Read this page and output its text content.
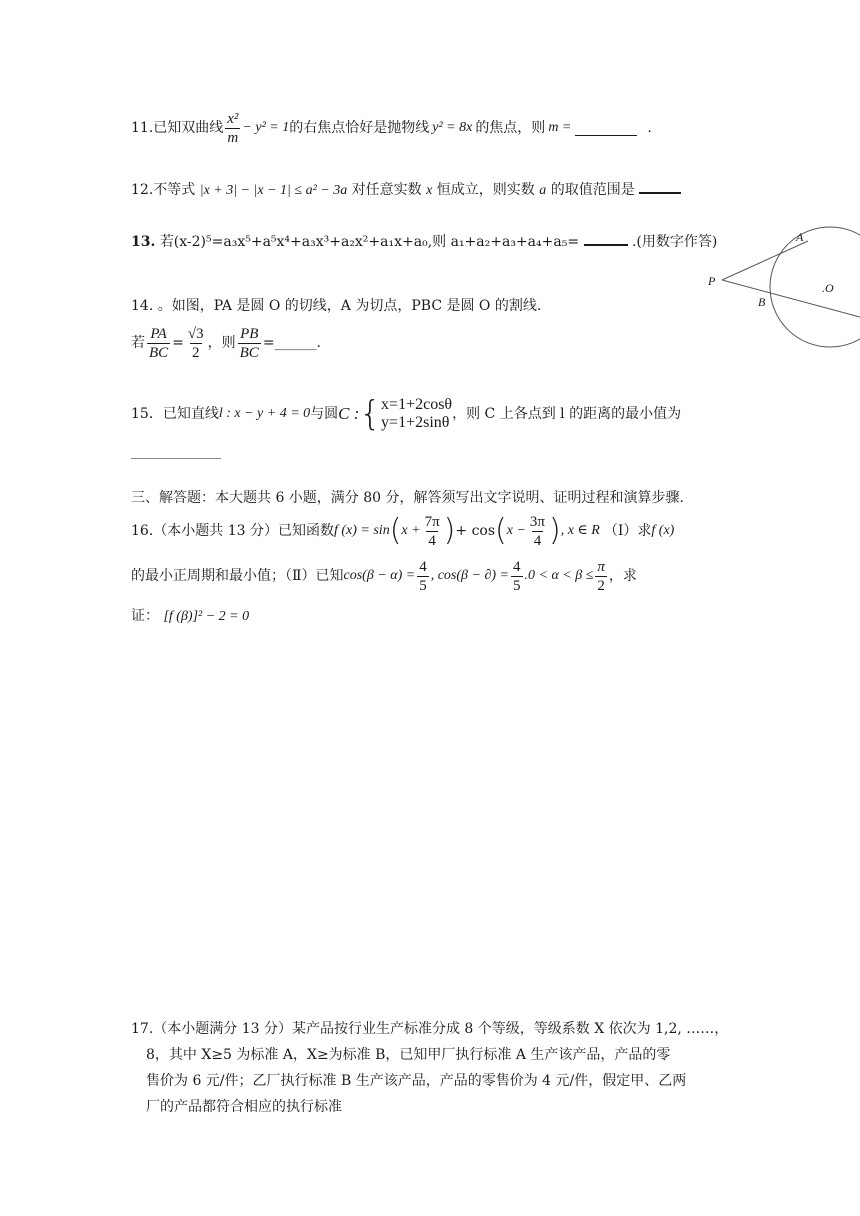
11.已知双曲线 $\frac{\text{x²}}{m} - y^2 = 1$ 的右焦点恰好是抛物线 y² = 8x 的焦点，则 m =	.
12.不等式 |x + 3| − |x − 1| ≤ a² − 3a 对任意实数 x 恒成立，则实数 a 的取值范围是
13. 若(x-2)⁵=a₃x⁵+a⁵x⁴+a₃x³+a₂x²+a₁x+a₀,则 a₁+a₂+a₃+a₄+a₅=	.(用数字作答)	A
P
B
.O
14. 。如图，PA 是圆 O 的切线，A 为切点，PBC 是圆 O 的割线.
若 $\frac{PA}{BC} = \frac{√3}{2}$ ，则 $\frac{PB}{BC}$ = ______.
15．已知直线 l : x − y + 4 = 0 与圆 C : { x=1+2cosθ
y=1+2sinθ ，则 C 上各点到 l 的距离的最小值为
三、解答题：本大题共 6 小题，满分 80 分，解答须写出文字说明、证明过程和演算步骤.
16.（本小题共 13 分）已知函数 f (x) = sin ( $x + \frac{7\pi}{4}$ ) + cos ( $x - \frac{3\pi}{4}$ ) , x ∈ R （Ⅰ）求 f (x)
的最小正周期和最小值；（Ⅱ）已知 $\cos(\beta - \alpha) = \frac{4}{5}$ , cos(β − ∂) = $\frac{4}{5} .0 < \alpha < \beta \le \frac{\pi}{2}$ ，求
证： [f (β)]² − 2 = 0
17.（本小题满分 13 分）某产品按行业生产标准分成 8 个等级，等级系数 X 依次为 1,2, ……，
8，其中 X≥5 为标准 A，X≥为标准 B，已知甲厂执行标准 A 生产该产品，产品的零
售价为 6 元/件；乙厂执行标准 B 生产该产品，产品的零售价为 4 元/件，假定甲、乙两
厂的产品都符合相应的执行标准
